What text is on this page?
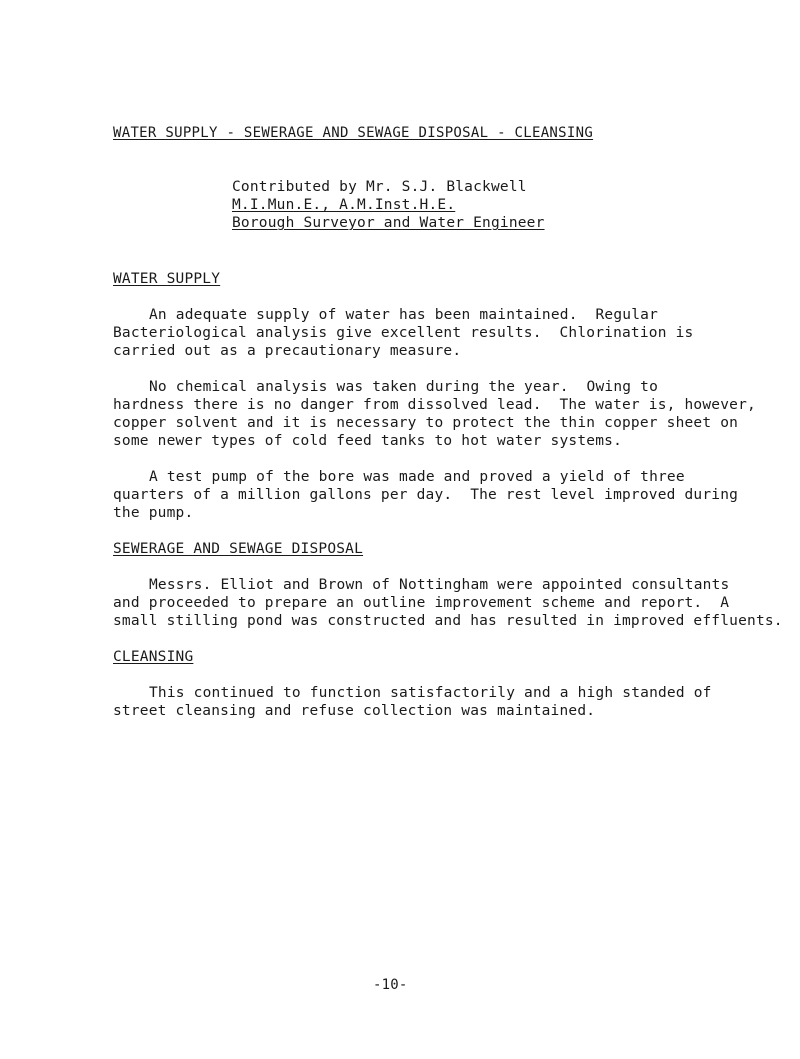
WATER SUPPLY - SEWERAGE AND SEWAGE DISPOSAL - CLEANSING
Contributed by Mr. S.J. Blackwell
M.I.Mun.E., A.M.Inst.H.E.
Borough Surveyor and Water Engineer
WATER SUPPLY
An adequate supply of water has been maintained.  Regular
Bacteriological analysis give excellent results.  Chlorination is
carried out as a precautionary measure.
No chemical analysis was taken during the year.  Owing to
hardness there is no danger from dissolved lead.  The water is, however,
copper solvent and it is necessary to protect the thin copper sheet on
some newer types of cold feed tanks to hot water systems.
A test pump of the bore was made and proved a yield of three
quarters of a million gallons per day.  The rest level improved during
the pump.
SEWERAGE AND SEWAGE DISPOSAL
Messrs. Elliot and Brown of Nottingham were appointed consultants
and proceeded to prepare an outline improvement scheme and report.  A
small stilling pond was constructed and has resulted in improved effluents.
CLEANSING
This continued to function satisfactorily and a high standed of
street cleansing and refuse collection was maintained.
-10-
